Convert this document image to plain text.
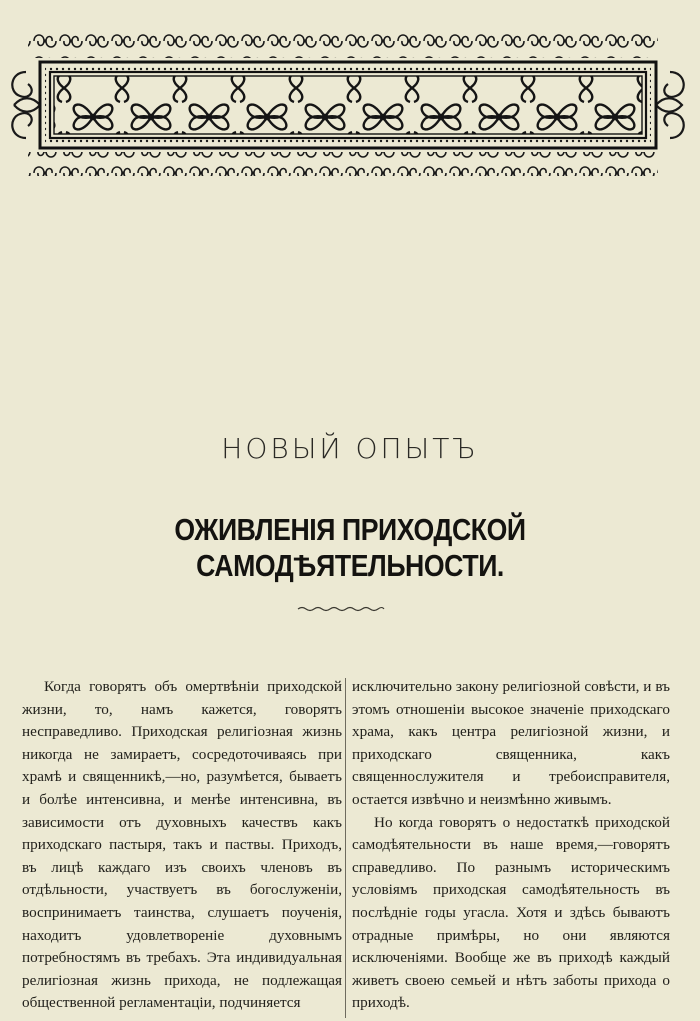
НОВЫЙ ОПЫТЪ
ОЖИВЛЕНІЯ ПРИХОДСКОЙ САМОДѢЯТЕЛЬНОСТИ.

Когда говорятъ объ омертвѣніи приходской жизни, то, намъ кажется, говорятъ несправедливо. Приходская религіозная жизнь никогда не замираетъ, сосредоточиваясь при храмѣ и священникѣ,—но, разумѣется, бываетъ и болѣе интенсивна, и менѣе интенсивна, въ зависимости отъ духовныхъ качествъ какъ приходскаго пастыря, такъ и паствы. Приходъ, въ лицѣ каждаго изъ своихъ членовъ въ отдѣльности, участвуетъ въ богослуженіи, воспринимаетъ таинства, слушаетъ поученія, находитъ удовлетвореніе духовнымъ потребностямъ въ требахъ. Эта индивидуальная религіозная жизнь прихода, не подлежащая общественной регламентаціи, подчиняется

исключительно закону религіозной совѣсти, и въ этомъ отношеніи высокое значеніе приходскаго храма, какъ центра религіозной жизни, и приходскаго священника, какъ священнослужителя и требоисправителя, остается извѣчно и неизмѣнно живымъ.

Но когда говорятъ о недостаткѣ приходской самодѣятельности въ наше время,—говорятъ справедливо. По разнымъ историческимъ условіямъ приходская самодѣятельность въ послѣдніе годы угасла. Хотя и здѣсь бываютъ отрадные примѣры, но они являются исключеніями. Вообще же въ приходѣ каждый живетъ своею семьей и нѣтъ заботы прихода о приходѣ.
